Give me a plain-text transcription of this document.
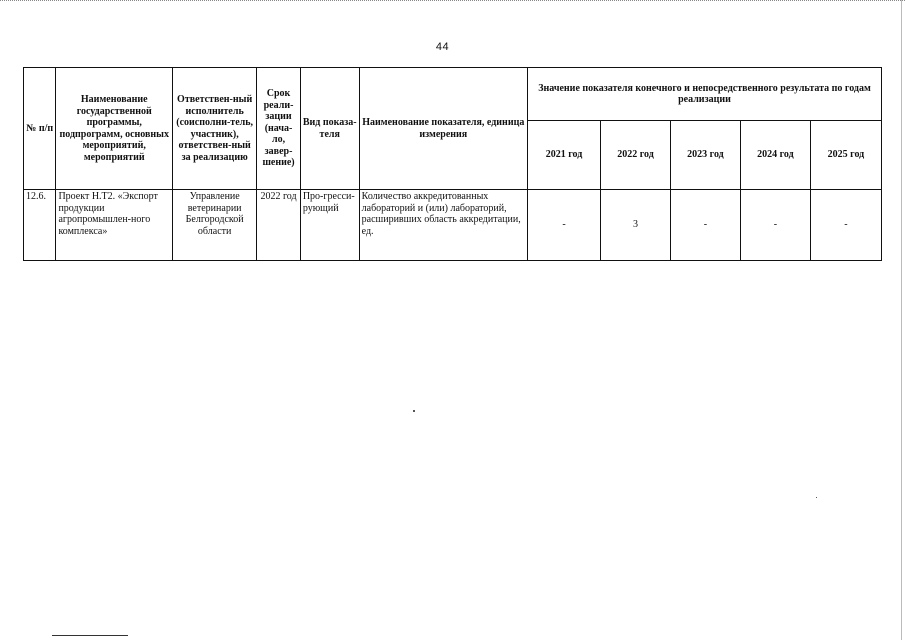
44
№ п/п	Наименование государственной программы, подпрограмм, основных мероприятий, мероприятий	Ответствен-ный исполнитель (соисполни-тель, участник), ответствен-ный за реализацию	Срок реали-зации (нача-ло, завер-шение)	Вид показа-теля	Наименование показателя, единица измерения	Значение показателя конечного и непосредственного результата по годам реализации				
						2021 год	2022 год	2023 год	2024 год	2025 год
12.6.	Проект Н.Т2. «Экспорт продукции агропромышлен-ного комплекса»	Управление ветеринарии Белгородской области	2022 год	Про-гресси-рующий	Количество аккредитованных лабораторий и (или) лабораторий, расширивших область аккредитации, ед.	-	3	-	-	-
